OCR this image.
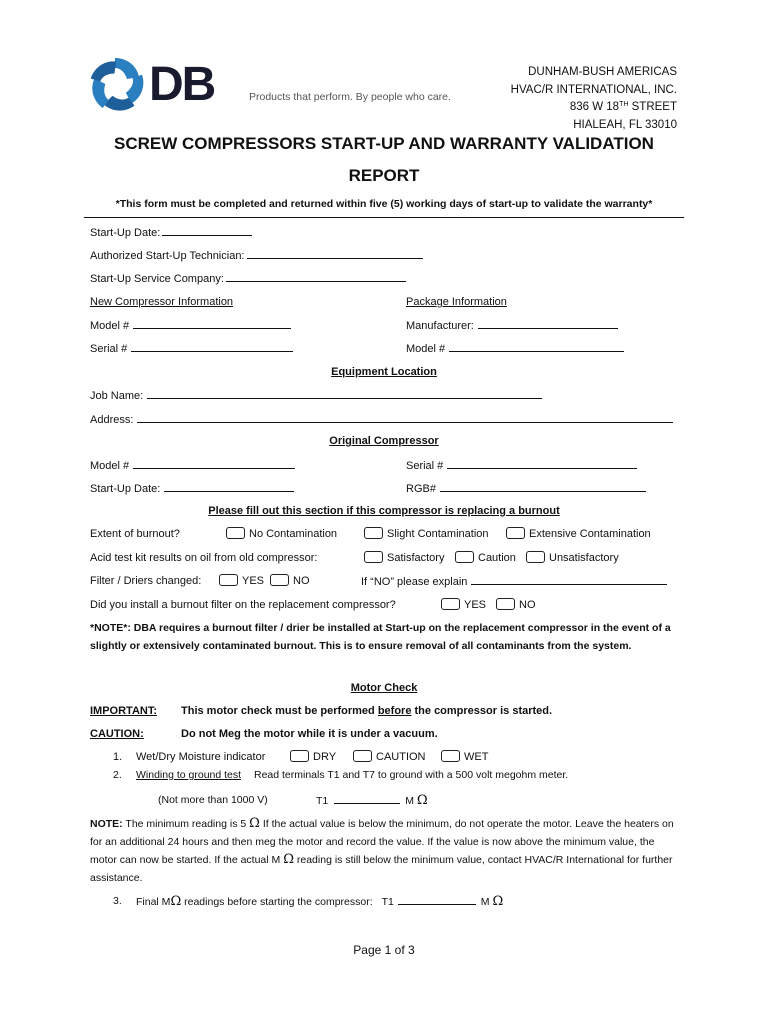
DB	Products that perform. By people who care.
DUNHAM-BUSH AMERICAS
HVAC/R INTERNATIONAL, INC.
836 W 18TH STREET
HIALEAH, FL 33010
SCREW COMPRESSORS START-UP AND WARRANTY VALIDATION
REPORT
*This form must be completed and returned within five (5) working days of start-up to validate the warranty*
Start-Up Date:
Authorized Start-Up Technician:
Start-Up Service Company:
New Compressor Information	Package Information
Model #	Manufacturer:
Serial #	Model #
Equipment Location
Job Name:
Address:
Original Compressor
Model #	Serial #
Start-Up Date:	RGB#
Please fill out this section if this compressor is replacing a burnout
Extent of burnout?	No Contamination	Slight Contamination	Extensive Contamination
Acid test kit results on oil from old compressor:	Satisfactory	Caution	Unsatisfactory
Filter / Driers changed:	YES	NO	If “NO” please explain
Did you install a burnout filter on the replacement compressor?	YES	NO
*NOTE*: DBA requires a burnout filter / drier be installed at Start-up on the replacement compressor in the event of a slightly or extensively contaminated burnout. This is to ensure removal of all contaminants from the system.
Motor Check
IMPORTANT: This motor check must be performed before the compressor is started.
CAUTION:	Do not Meg the motor while it is under a vacuum.
1. Wet/Dry Moisture indicator	DRY	CAUTION	WET
2. Winding to ground test Read terminals T1 and T7 to ground with a 500 volt megohm meter.
(Not more than 1000 V)	T1	M Ω
NOTE: The minimum reading is 5 Ω If the actual value is below the minimum, do not operate the motor. Leave the heaters on for an additional 24 hours and then meg the motor and record the value. If the value is now above the minimum value, the motor can now be started. If the actual M Ω reading is still below the minimum value, contact HVAC/R International for further assistance.
3. Final MΩ readings before starting the compressor: T1	M Ω
Page 1 of 3
